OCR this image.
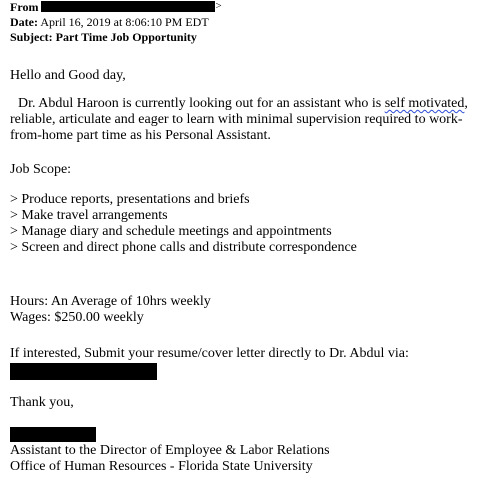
From	>
Date: April 16, 2019 at 8:06:10 PM EDT
Subject: Part Time Job Opportunity

Hello and Good day,

Dr. Abdul Haroon is currently looking out for an assistant who is self motivated, reliable, articulate and eager to learn with minimal supervision required to work-from-home part time as his Personal Assistant.

Job Scope:

> Produce reports, presentations and briefs
> Make travel arrangements
> Manage diary and schedule meetings and appointments
> Screen and direct phone calls and distribute correspondence

Hours: An Average of 10hrs weekly

Wages: $250.00 weekly

If interested, Submit your resume/cover letter directly to Dr. Abdul via:

Thank you,

Assistant to the Director of Employee & Labor Relations

Office of Human Resources - Florida State University
